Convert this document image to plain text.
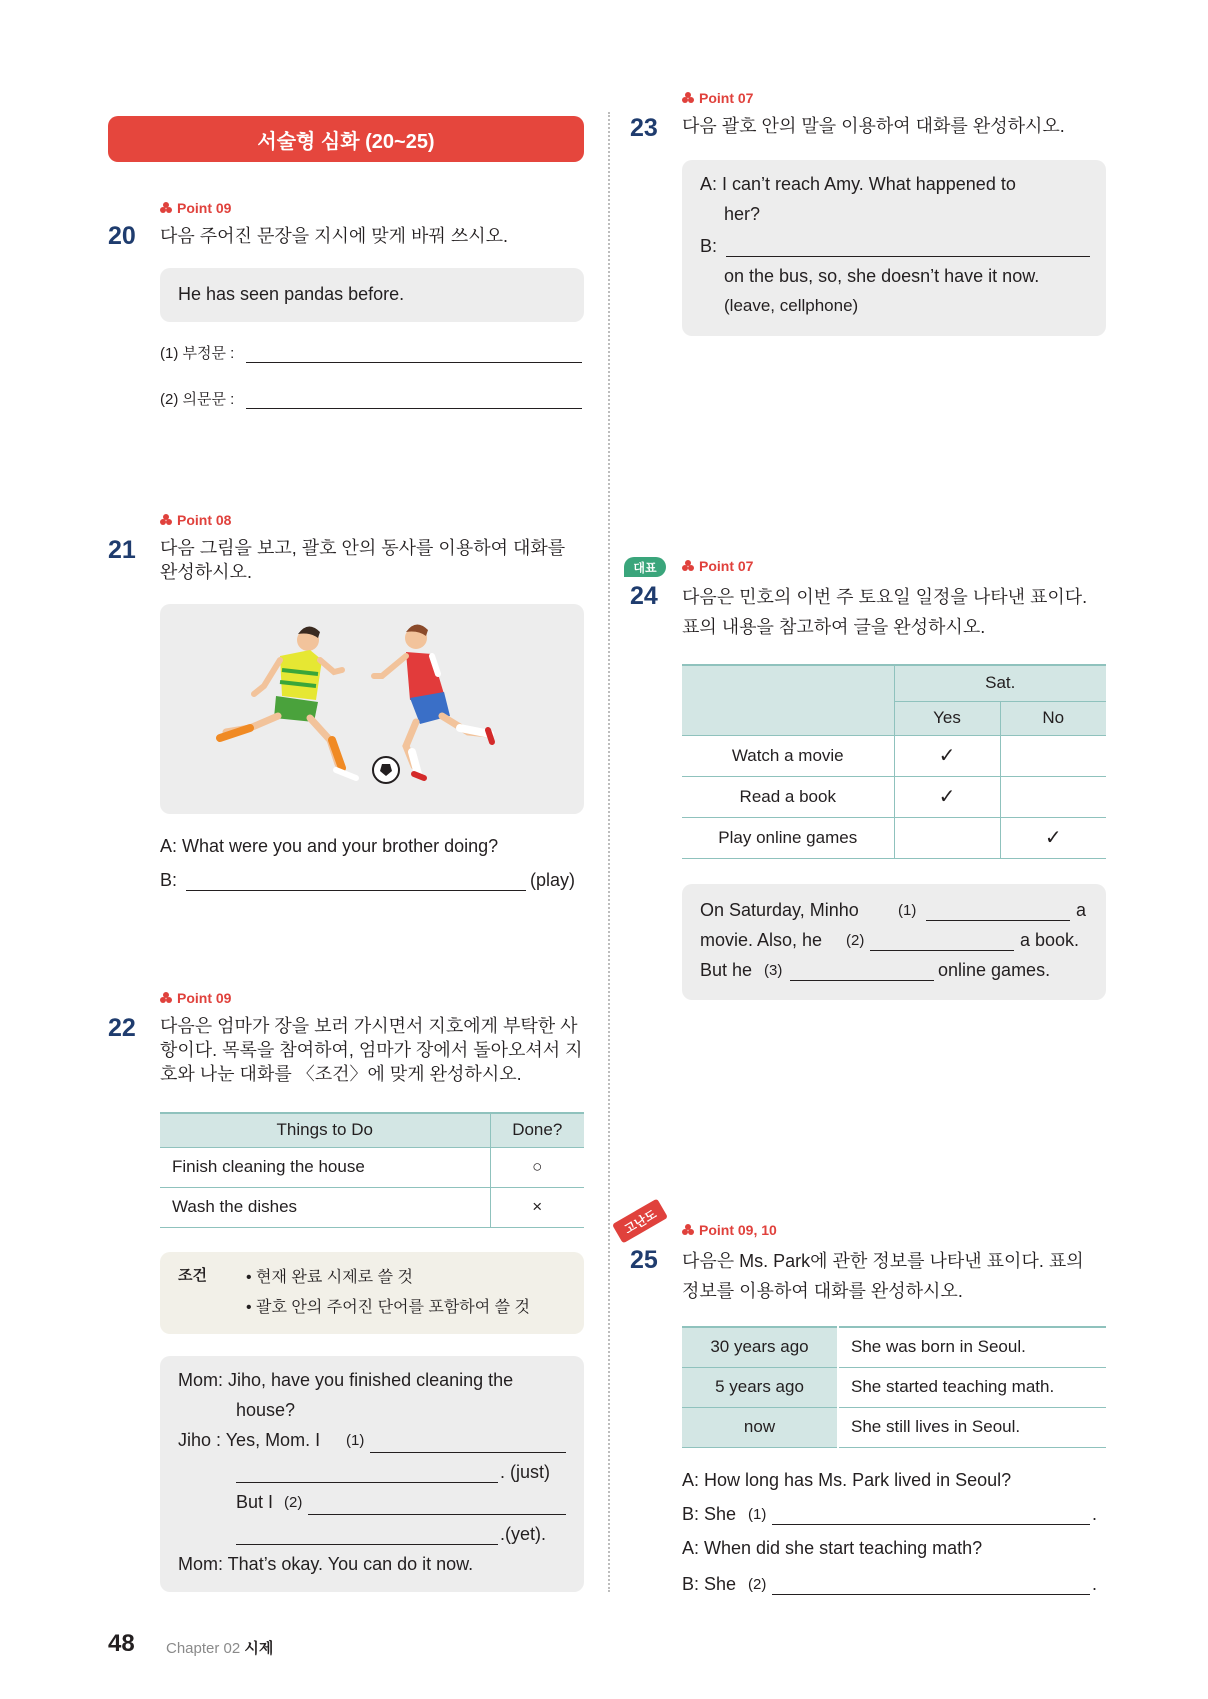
서술형 심화 (20~25)
Point 09
20 다음 주어진 문장을 지시에 맞게 바꿔 쓰시오.
He has seen pandas before.
(1) 부정문 :
(2) 의문문 :
Point 08
21 다음 그림을 보고, 괄호 안의 동사를 이용하여 대화를
완성하시오.
A: What were you and your brother doing?
B:	(play)
Point 09
22 다음은 엄마가 장을 보러 가시면서 지호에게 부탁한 사
항이다. 목록을 참여하여, 엄마가 장에서 돌아오셔서 지
호와 나눈 대화를 〈조건〉에 맞게 완성하시오.
Things to Do	Done?
Finish cleaning the house	○
Wash the dishes	×
조건 • 현재 완료 시제로 쓸 것
• 괄호 안의 주어진 단어를 포함하여 쓸 것
Mom: Jiho, have you finished cleaning the
house?
Jiho : Yes, Mom. I (1)
. (just)
But I (2)
.(yet).
Mom: That’s okay. You can do it now.
Point 07
23 다음 괄호 안의 말을 이용하여 대화를 완성하시오.
A: I can’t reach Amy. What happened to
her?
B:
on the bus, so, she doesn’t have it now.
(leave, cellphone)
대표	Point 07
24 다음은 민호의 이번 주 토요일 일정을 나타낸 표이다.
표의 내용을 참고하여 글을 완성하시오.
	Sat.	
	Yes	No
Watch a movie	✓	
Read a book	✓	
Play online games		✓
On Saturday, Minho	(1)	a
movie. Also, he (2)	a book.
But he (3)	online games.
고난도	Point 09, 10
25 다음은 Ms. Park에 관한 정보를 나타낸 표이다. 표의
정보를 이용하여 대화를 완성하시오.
30 years ago	She was born in Seoul.
5 years ago	She started teaching math.
now	She still lives in Seoul.
A: How long has Ms. Park lived in Seoul?
B: She (1)	.
A: When did she start teaching math?
B: She (2)	.
48 Chapter 02 시제
